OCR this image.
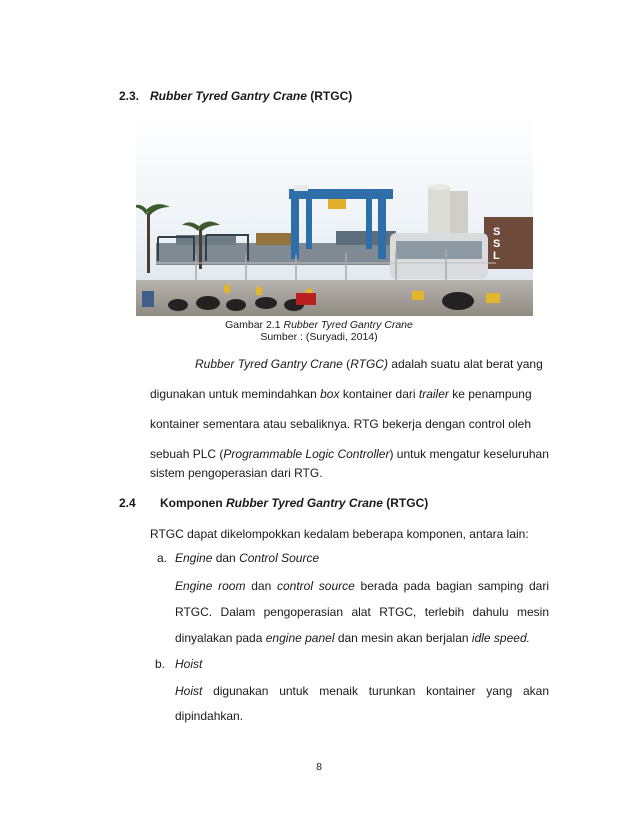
2.3. Rubber Tyred Gantry Crane (RTGC)
S
S
L
Gambar 2.1 Rubber Tyred Gantry Crane
Sumber : (Suryadi, 2014)
Rubber Tyred Gantry Crane (RTGC) adalah suatu alat berat yang
digunakan untuk memindahkan box kontainer dari trailer ke penampung
kontainer sementara atau sebaliknya. RTG bekerja dengan control oleh
sebuah PLC (Programmable Logic Controller) untuk mengatur keseluruhan
sistem pengoperasian dari RTG.
2.4 Komponen Rubber Tyred Gantry Crane (RTGC)
RTGC dapat dikelompokkan kedalam beberapa komponen, antara lain:
a. Engine dan Control Source
Engine room dan control source berada pada bagian samping dari
RTGC. Dalam pengoperasian alat RTGC, terlebih dahulu mesin
dinyalakan pada engine panel dan mesin akan berjalan idle speed.
b. Hoist
Hoist digunakan untuk menaik turunkan kontainer yang akan
dipindahkan.
8
